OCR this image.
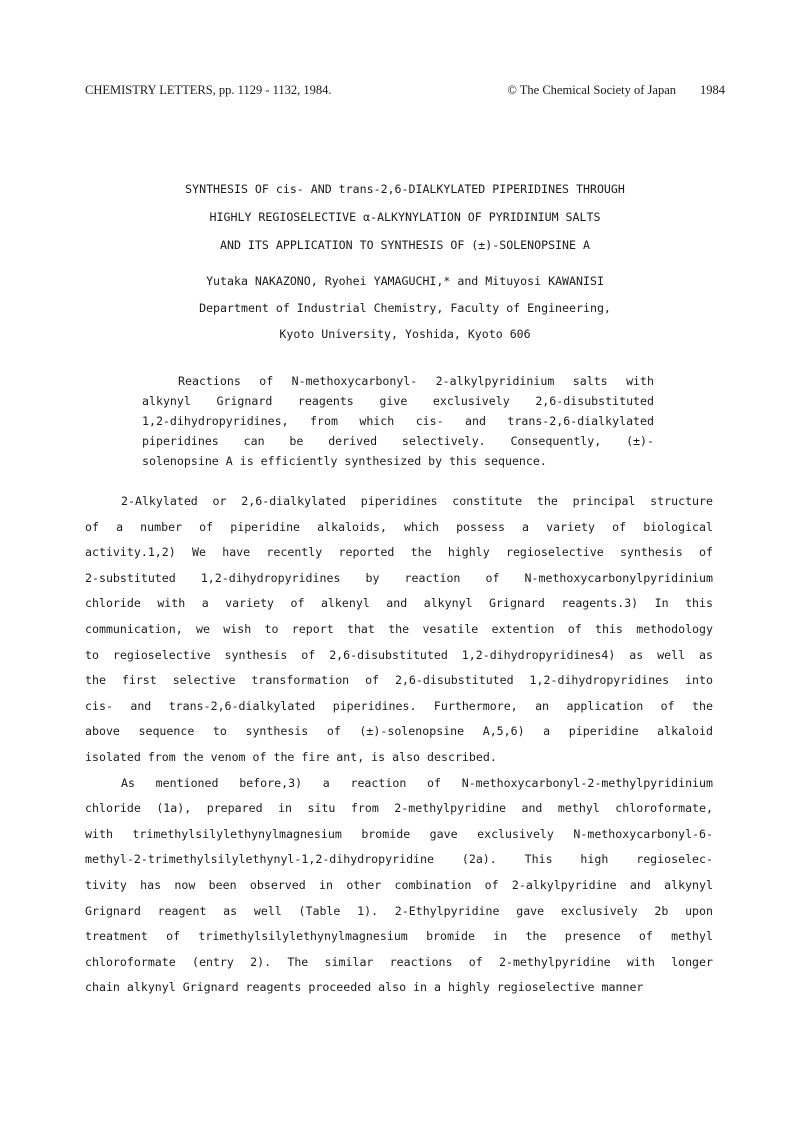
CHEMISTRY LETTERS, pp. 1129 - 1132, 1984.	© The Chemical Society of Japan 1984
SYNTHESIS OF cis- AND trans-2,6-DIALKYLATED PIPERIDINES THROUGH
HIGHLY REGIOSELECTIVE α-ALKYNYLATION OF PYRIDINIUM SALTS
AND ITS APPLICATION TO SYNTHESIS OF (±)-SOLENOPSINE A
Yutaka NAKAZONO, Ryohei YAMAGUCHI,* and Mituyosi KAWANISI
Department of Industrial Chemistry, Faculty of Engineering,
Kyoto University, Yoshida, Kyoto 606
Reactions of N-methoxycarbonyl- 2-alkylpyridinium salts with
alkynyl Grignard reagents give exclusively 2,6-disubstituted
1,2-dihydropyridines, from which cis- and trans-2,6-dialkylated
piperidines can be derived selectively. Consequently, (±)-
solenopsine A is efficiently synthesized by this sequence.
2-Alkylated or 2,6-dialkylated piperidines constitute the principal structure
of a number of piperidine alkaloids, which possess a variety of biological
activity.1,2) We have recently reported the highly regioselective synthesis of
2-substituted 1,2-dihydropyridines by reaction of N-methoxycarbonylpyridinium
chloride with a variety of alkenyl and alkynyl Grignard reagents.3) In this
communication, we wish to report that the vesatile extention of this methodology
to regioselective synthesis of 2,6-disubstituted 1,2-dihydropyridines4) as well as
the first selective transformation of 2,6-disubstituted 1,2-dihydropyridines into
cis- and trans-2,6-dialkylated piperidines. Furthermore, an application of the
above sequence to synthesis of (±)-solenopsine A,5,6) a piperidine alkaloid
isolated from the venom of the fire ant, is also described.
As mentioned before,3) a reaction of N-methoxycarbonyl-2-methylpyridinium
chloride (1a), prepared in situ from 2-methylpyridine and methyl chloroformate,
with trimethylsilylethynylmagnesium bromide gave exclusively N-methoxycarbonyl-6-
methyl-2-trimethylsilylethynyl-1,2-dihydropyridine (2a). This high regioselec-
tivity has now been observed in other combination of 2-alkylpyridine and alkynyl
Grignard reagent as well (Table 1). 2-Ethylpyridine gave exclusively 2b upon
treatment of trimethylsilylethynylmagnesium bromide in the presence of methyl
chloroformate (entry 2). The similar reactions of 2-methylpyridine with longer
chain alkynyl Grignard reagents proceeded also in a highly regioselective manner
